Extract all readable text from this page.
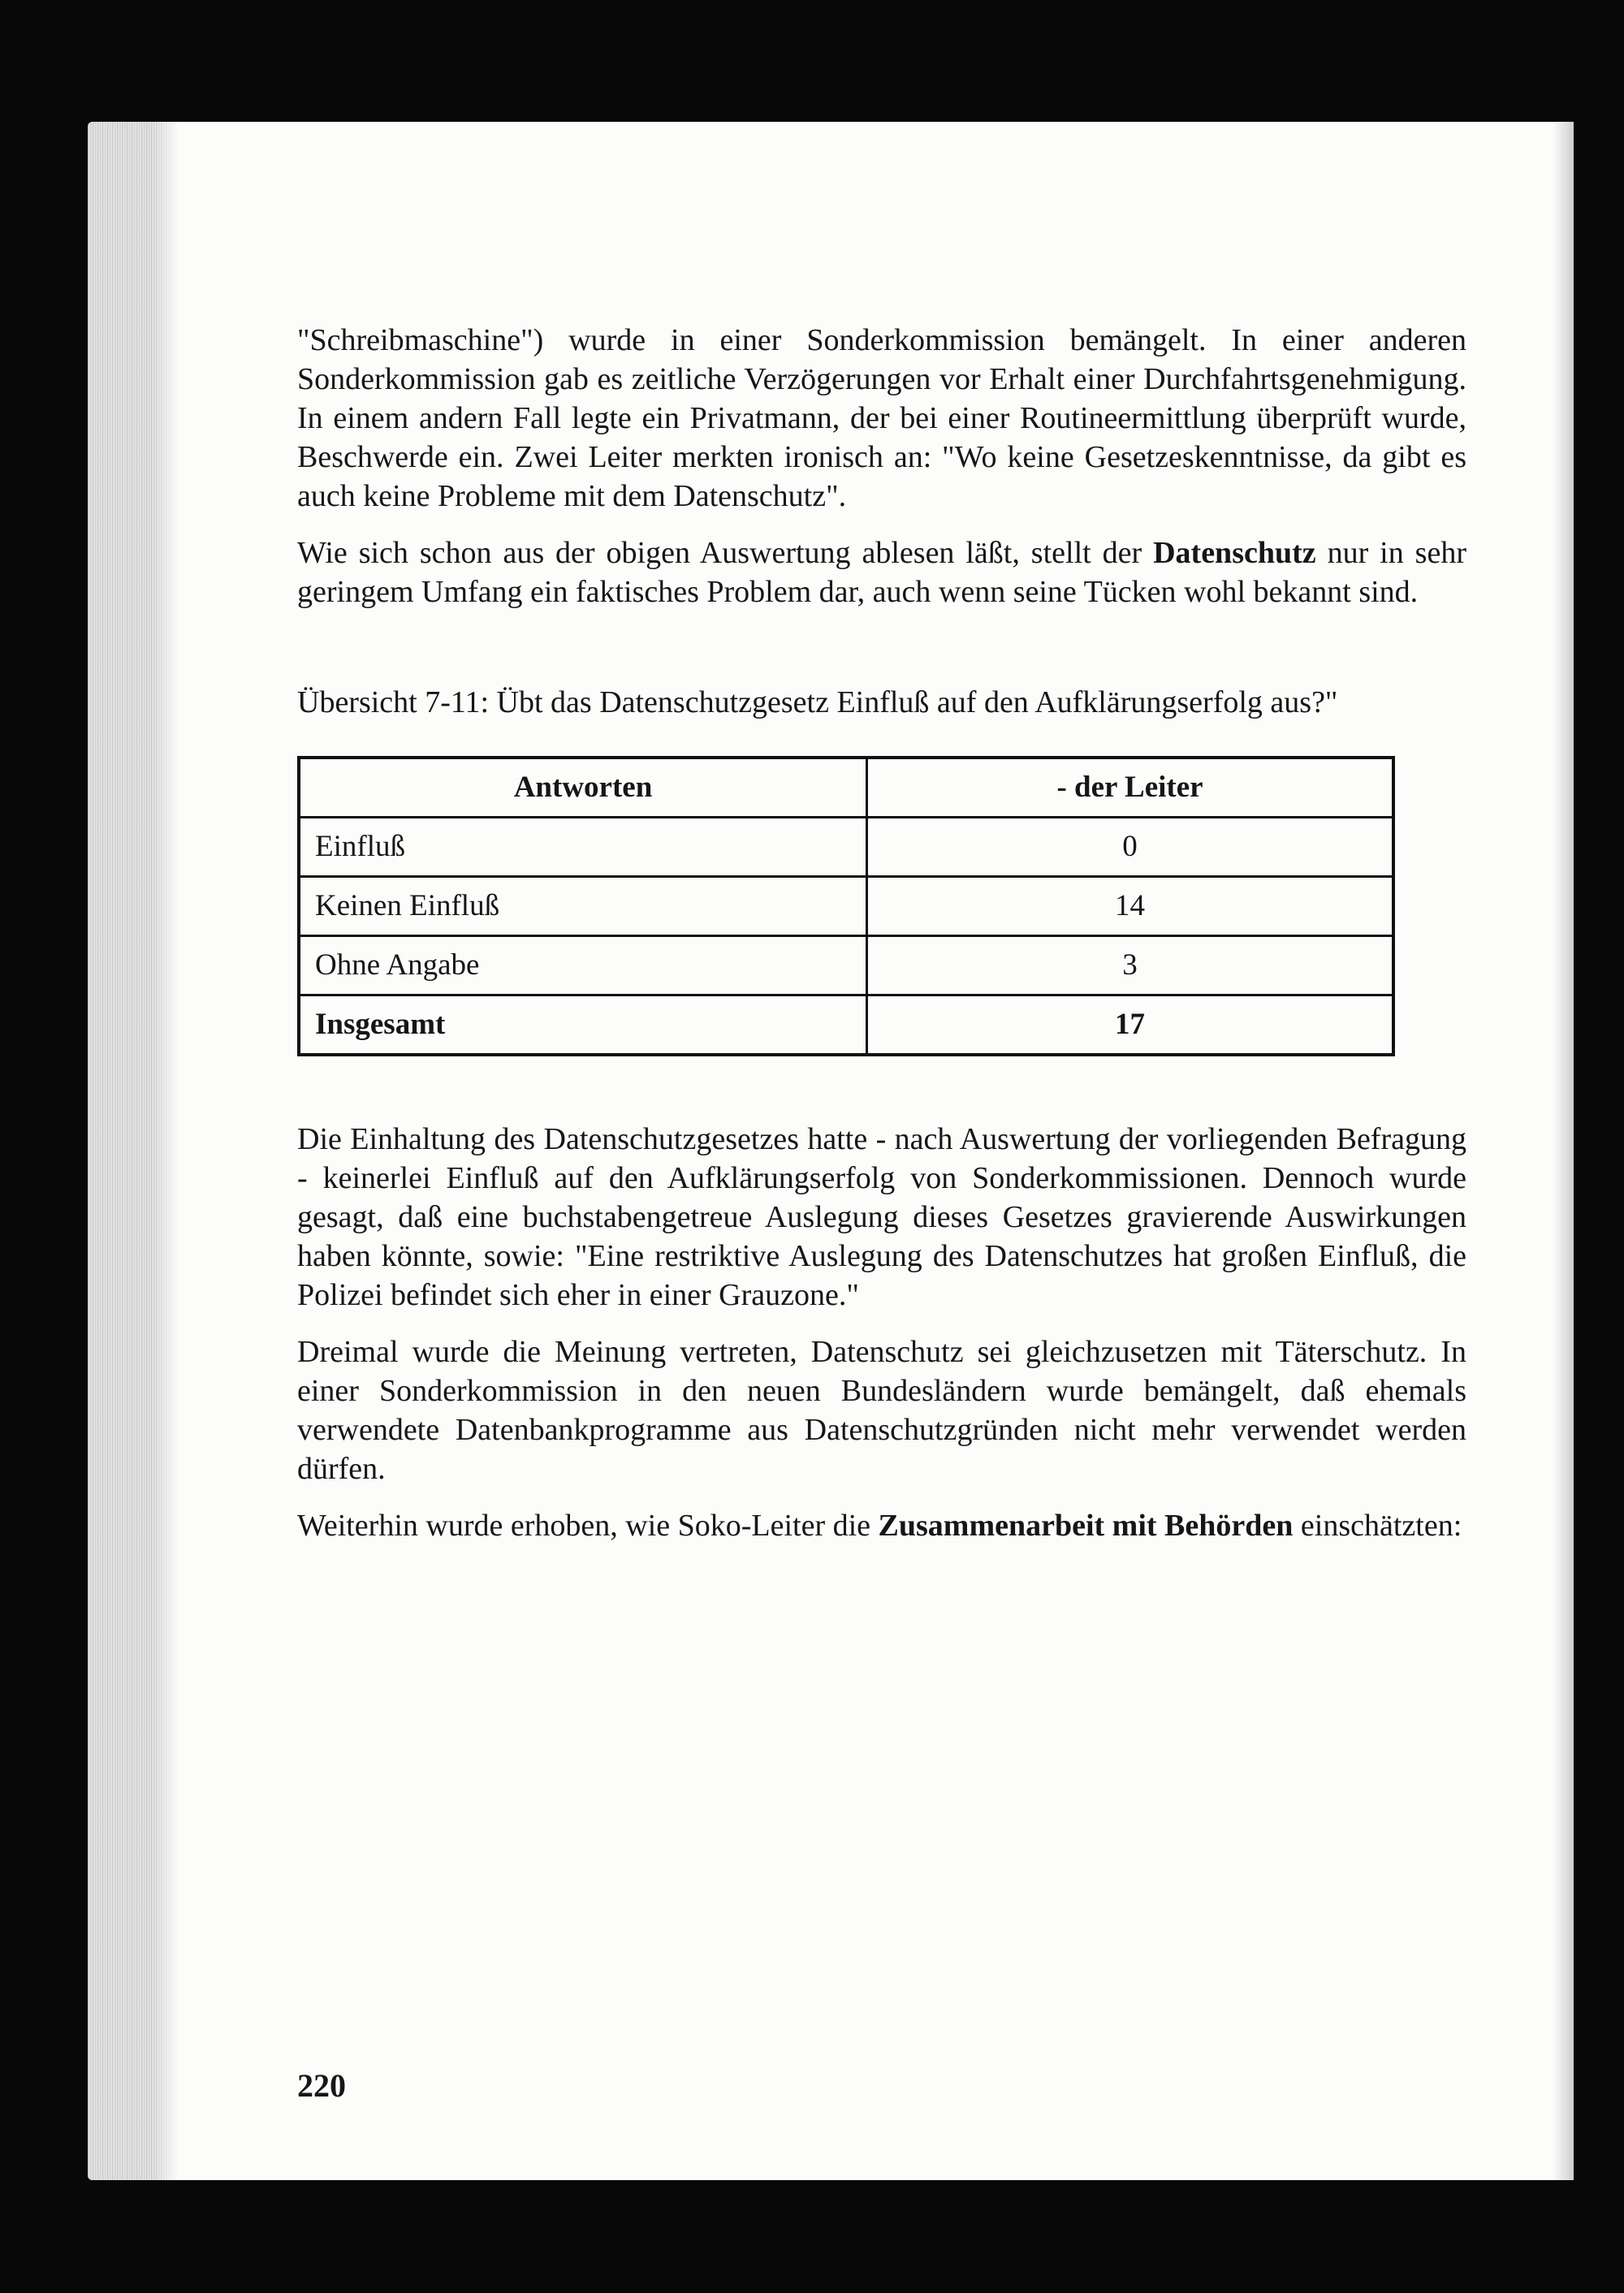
"Schreibmaschine") wurde in einer Sonderkommission bemängelt. In einer anderen Sonderkommission gab es zeitliche Verzögerungen vor Erhalt einer Durchfahrtsgenehmigung. In einem andern Fall legte ein Privatmann, der bei einer Routineermittlung überprüft wurde, Beschwerde ein. Zwei Leiter merkten ironisch an: "Wo keine Gesetzeskenntnisse, da gibt es auch keine Probleme mit dem Datenschutz".

Wie sich schon aus der obigen Auswertung ablesen läßt, stellt der Datenschutz nur in sehr geringem Umfang ein faktisches Problem dar, auch wenn seine Tücken wohl bekannt sind.

Übersicht 7-11: Übt das Datenschutzgesetz Einfluß auf den Aufklärungserfolg aus?"

Antworten	- der Leiter
Einfluß	0
Keinen Einfluß	14
Ohne Angabe	3
Insgesamt	17

Die Einhaltung des Datenschutzgesetzes hatte - nach Auswertung der vorliegenden Befragung - keinerlei Einfluß auf den Aufklärungserfolg von Sonderkommissionen. Dennoch wurde gesagt, daß eine buchstabengetreue Auslegung dieses Gesetzes gravierende Auswirkungen haben könnte, sowie: "Eine restriktive Auslegung des Datenschutzes hat großen Einfluß, die Polizei befindet sich eher in einer Grauzone."

Dreimal wurde die Meinung vertreten, Datenschutz sei gleichzusetzen mit Täterschutz. In einer Sonderkommission in den neuen Bundesländern wurde bemängelt, daß ehemals verwendete Datenbankprogramme aus Datenschutzgründen nicht mehr verwendet werden dürfen.

Weiterhin wurde erhoben, wie Soko-Leiter die Zusammenarbeit mit Behörden einschätzten:

220
